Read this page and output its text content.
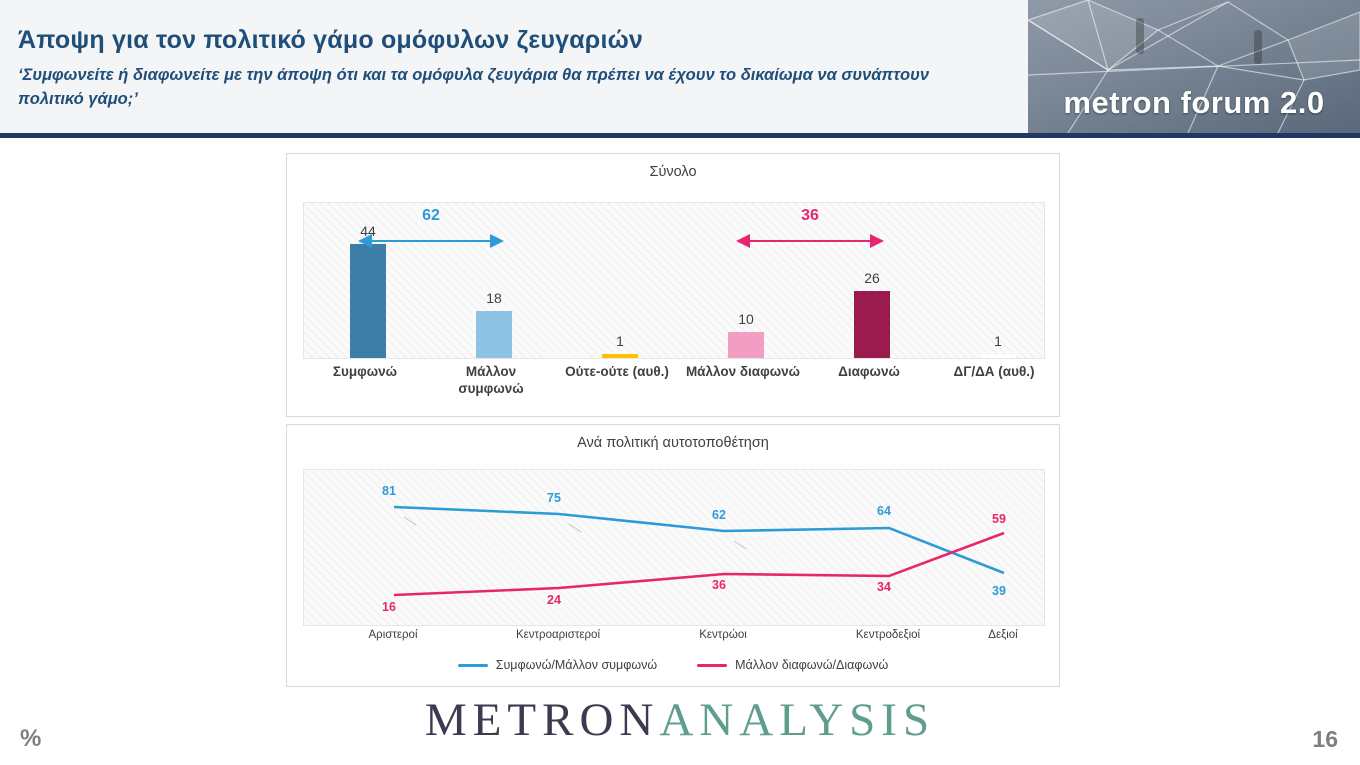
Άποψη για τον πολιτικό γάμο ομόφυλων ζευγαριών
‘Συμφωνείτε ή διαφωνείτε με την άποψη ότι και τα ομόφυλα ζευγάρια θα πρέπει να έχουν το δικαίωμα να συνάπτουν πολιτικό γάμο;’	metron forum 2.0
Σύνολο
44
18
1
10
26
1
62	36
Συμφωνώ	Μάλλον συμφωνώ
Ούτε-ούτε (αυθ.)	Μάλλον διαφωνώ	Διαφωνώ	ΔΓ/ΔΑ (αυθ.)
Ανά πολιτική αυτοτοποθέτηση
81	75
62	64
39
16	24
36	34
59
Αριστεροί	Κεντροαριστεροί	Κεντρώοι	Κεντροδεξιοί	Δεξιοί
Συμφωνώ/Μάλλον συμφωνώ	Μάλλον διαφωνώ/Διαφωνώ
%	METRONANALYSIS	16
